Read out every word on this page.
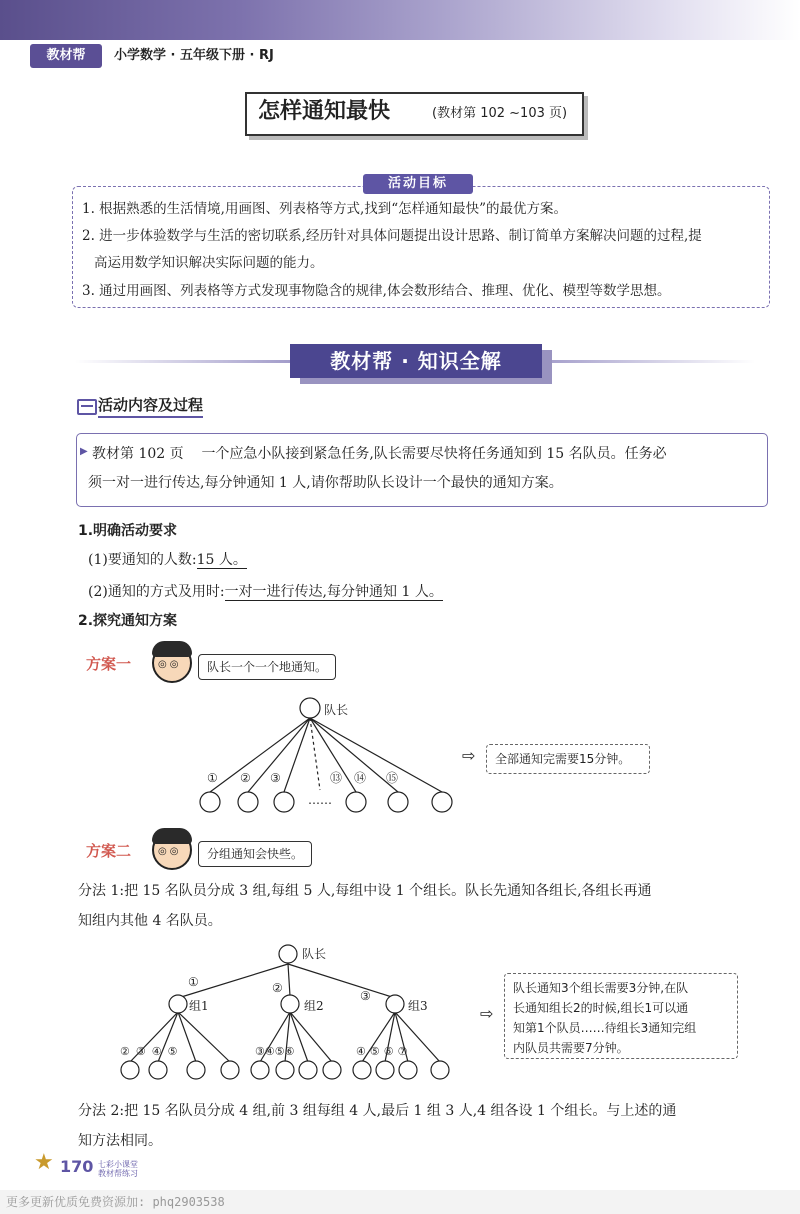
教材帮	小学数学 · 五年级下册 · RJ
怎样通知最快	(教材第 102 ~103 页)
活动目标
1. 根据熟悉的生活情境,用画图、列表格等方式,找到“怎样通知最快”的最优方案。
2. 进一步体验数学与生活的密切联系,经历针对具体问题提出设计思路、制订简单方案解决问题的过程,提
高运用数学知识解决实际问题的能力。
3. 通过用画图、列表格等方式发现事物隐含的规律,体会数形结合、推理、优化、模型等数学思想。
教材帮 · 知识全解
活动内容及过程
▶ 教材第 102 页 一个应急小队接到紧急任务,队长需要尽快将任务通知到 15 名队员。任务必
须一对一进行传达,每分钟通知 1 人,请你帮助队长设计一个最快的通知方案。
1.明确活动要求
(1)要通知的人数:15 人。
(2)通知的方式及用时:一对一进行传达,每分钟通知 1 人。
2.探究通知方案
方案一	◎◎	队长一个一个地通知。
队长
① ② ③	⑬ ⑭ ⑮
……
⇨	全部通知完需要15分钟。
方案二	◎◎	分组通知会快些。
分法 1:把 15 名队员分成 3 组,每组 5 人,每组中设 1 个组长。队长先通知各组长,各组长再通
知组内其他 4 名队员。
队长
组1	组2	组3
①	②
③
②③④⑤	③④⑤⑥	④⑤⑥⑦
⇨
队长通知3个组长需要3分钟,在队
长通知组长2的时候,组长1可以通
知第1个队员……待组长3通知完组
内队员共需要7分钟。
分法 2:把 15 名队员分成 4 组,前 3 组每组 4 人,最后 1 组 3 人,4 组各设 1 个组长。与上述的通
知方法相同。
★ 170 七彩小课堂 教材帮练习
更多更新优质免费资源加: phq2903538
